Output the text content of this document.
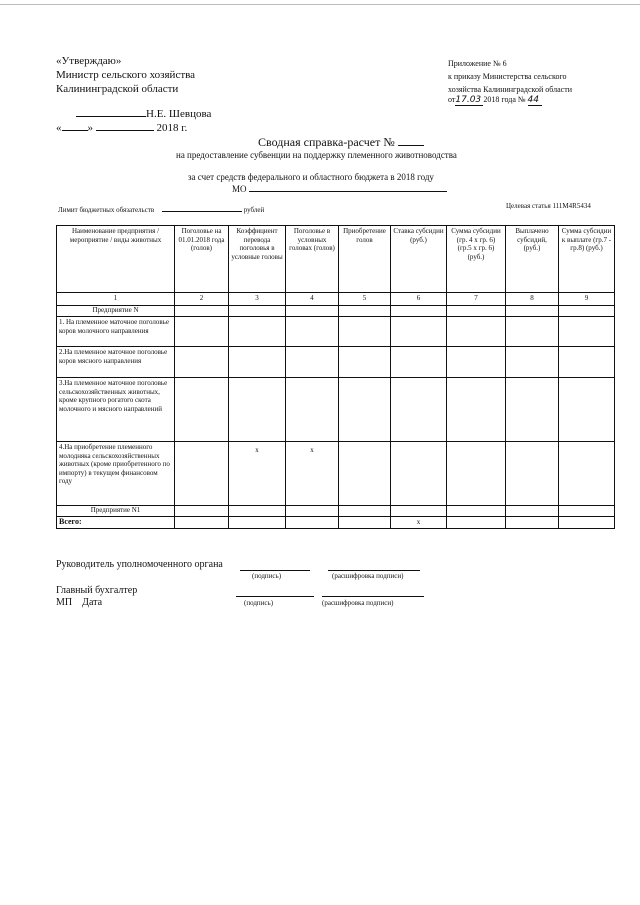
«Утверждаю»
Министр сельского хозяйства
Калининградской области
Н.Е. Шевцова
« »	2018 г.
Приложение № 6
к приказу Министерства сельского
хозяйства Калининградской области
от17.03 2018 года № 44
Сводная справка-расчет №
на предоставление субвенции на поддержку племенного животноводства
за счет средств федерального и областного бюджета в 2018 году
МО
Лимит бюджетных обязательств	рублей	Целевая статья 111М4R5434
Наименование предприятия / мероприятие / виды животных	Поголовье на 01.01.2018 года (голов)	Коэффициент перевода поголовья в условные головы	Поголовье в условных головах (голов)	Приобретение голов	Ставка субсидии (руб.)	Сумма субсидии (гр. 4 х гр. 6) (гр.5 х гр. 6) (руб.)	Выплачено субсидий, (руб.)	Сумма субсидии к выплате (гр.7 - гр.8) (руб.)
1	2	3	4	5	6	7	8	9
Предприятие N								
1. На племенное маточное поголовье коров молочного направления								
2.На племенное маточное поголовье коров мясного направления								
3.На племенное маточное поголовье сельскохозяйственных животных, кроме крупного рогатого скота молочного и мясного направлений								
4.На приобретение племенного молодняка сельскохозяйственных животных (кроме приобретенного по импорту) в текущем финансовом году		x	x					
Предприятие N1								
Всего:					x			
Руководитель уполномоченного органа
(подпись)	(расшифровка подписи)
Главный бухгалтер
МП Дата	(подпись)	(расшифровка подписи)
